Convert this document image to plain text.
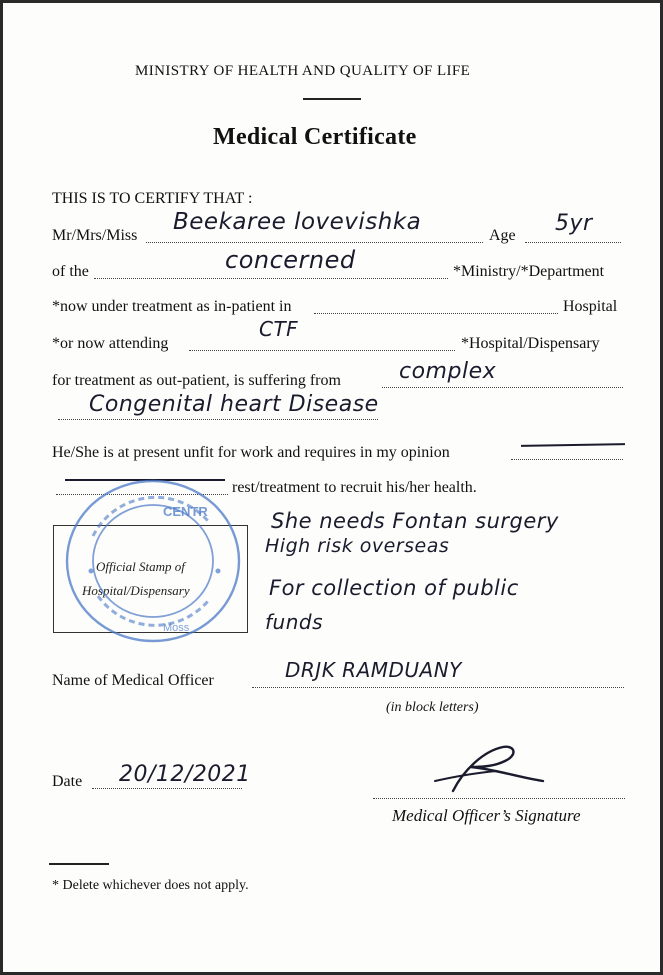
MINISTRY OF HEALTH AND QUALITY OF LIFE
Medical Certificate
THIS IS TO CERTIFY THAT :
Mr/Mrs/Miss
Beekaree lovevishka
Age 5yr
of the	concerned	*Ministry/*Department
*now under treatment as in-patient in	Hospital
*or now attending
CTF
*Hospital/Dispensary
for treatment as out-patient, is suffering from	complex
Congenital heart Disease
He/She is at present unfit for work and requires in my opinion
rest/treatment to recruit his/her health.
Official Stamp of
Hospital/Dispensary
CENTR
Moss
She needs Fontan surgery
High risk overseas
For collection of public
funds
Name of Medical Officer	DRJK RAMDUANY
(in block letters)
Date 20/12/2021
Medical Officer’s Signature
* Delete whichever does not apply.
